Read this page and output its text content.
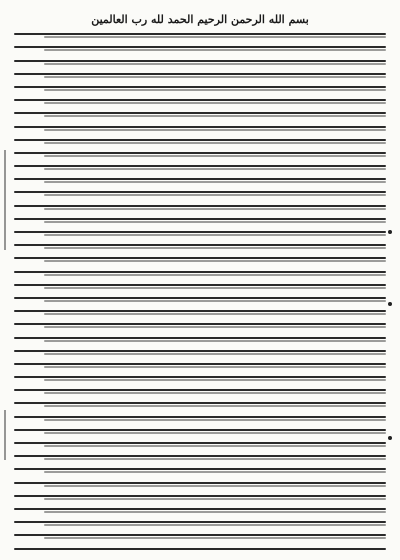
بسم الله الرحمن الرحيم الحمد لله رب العالمين
